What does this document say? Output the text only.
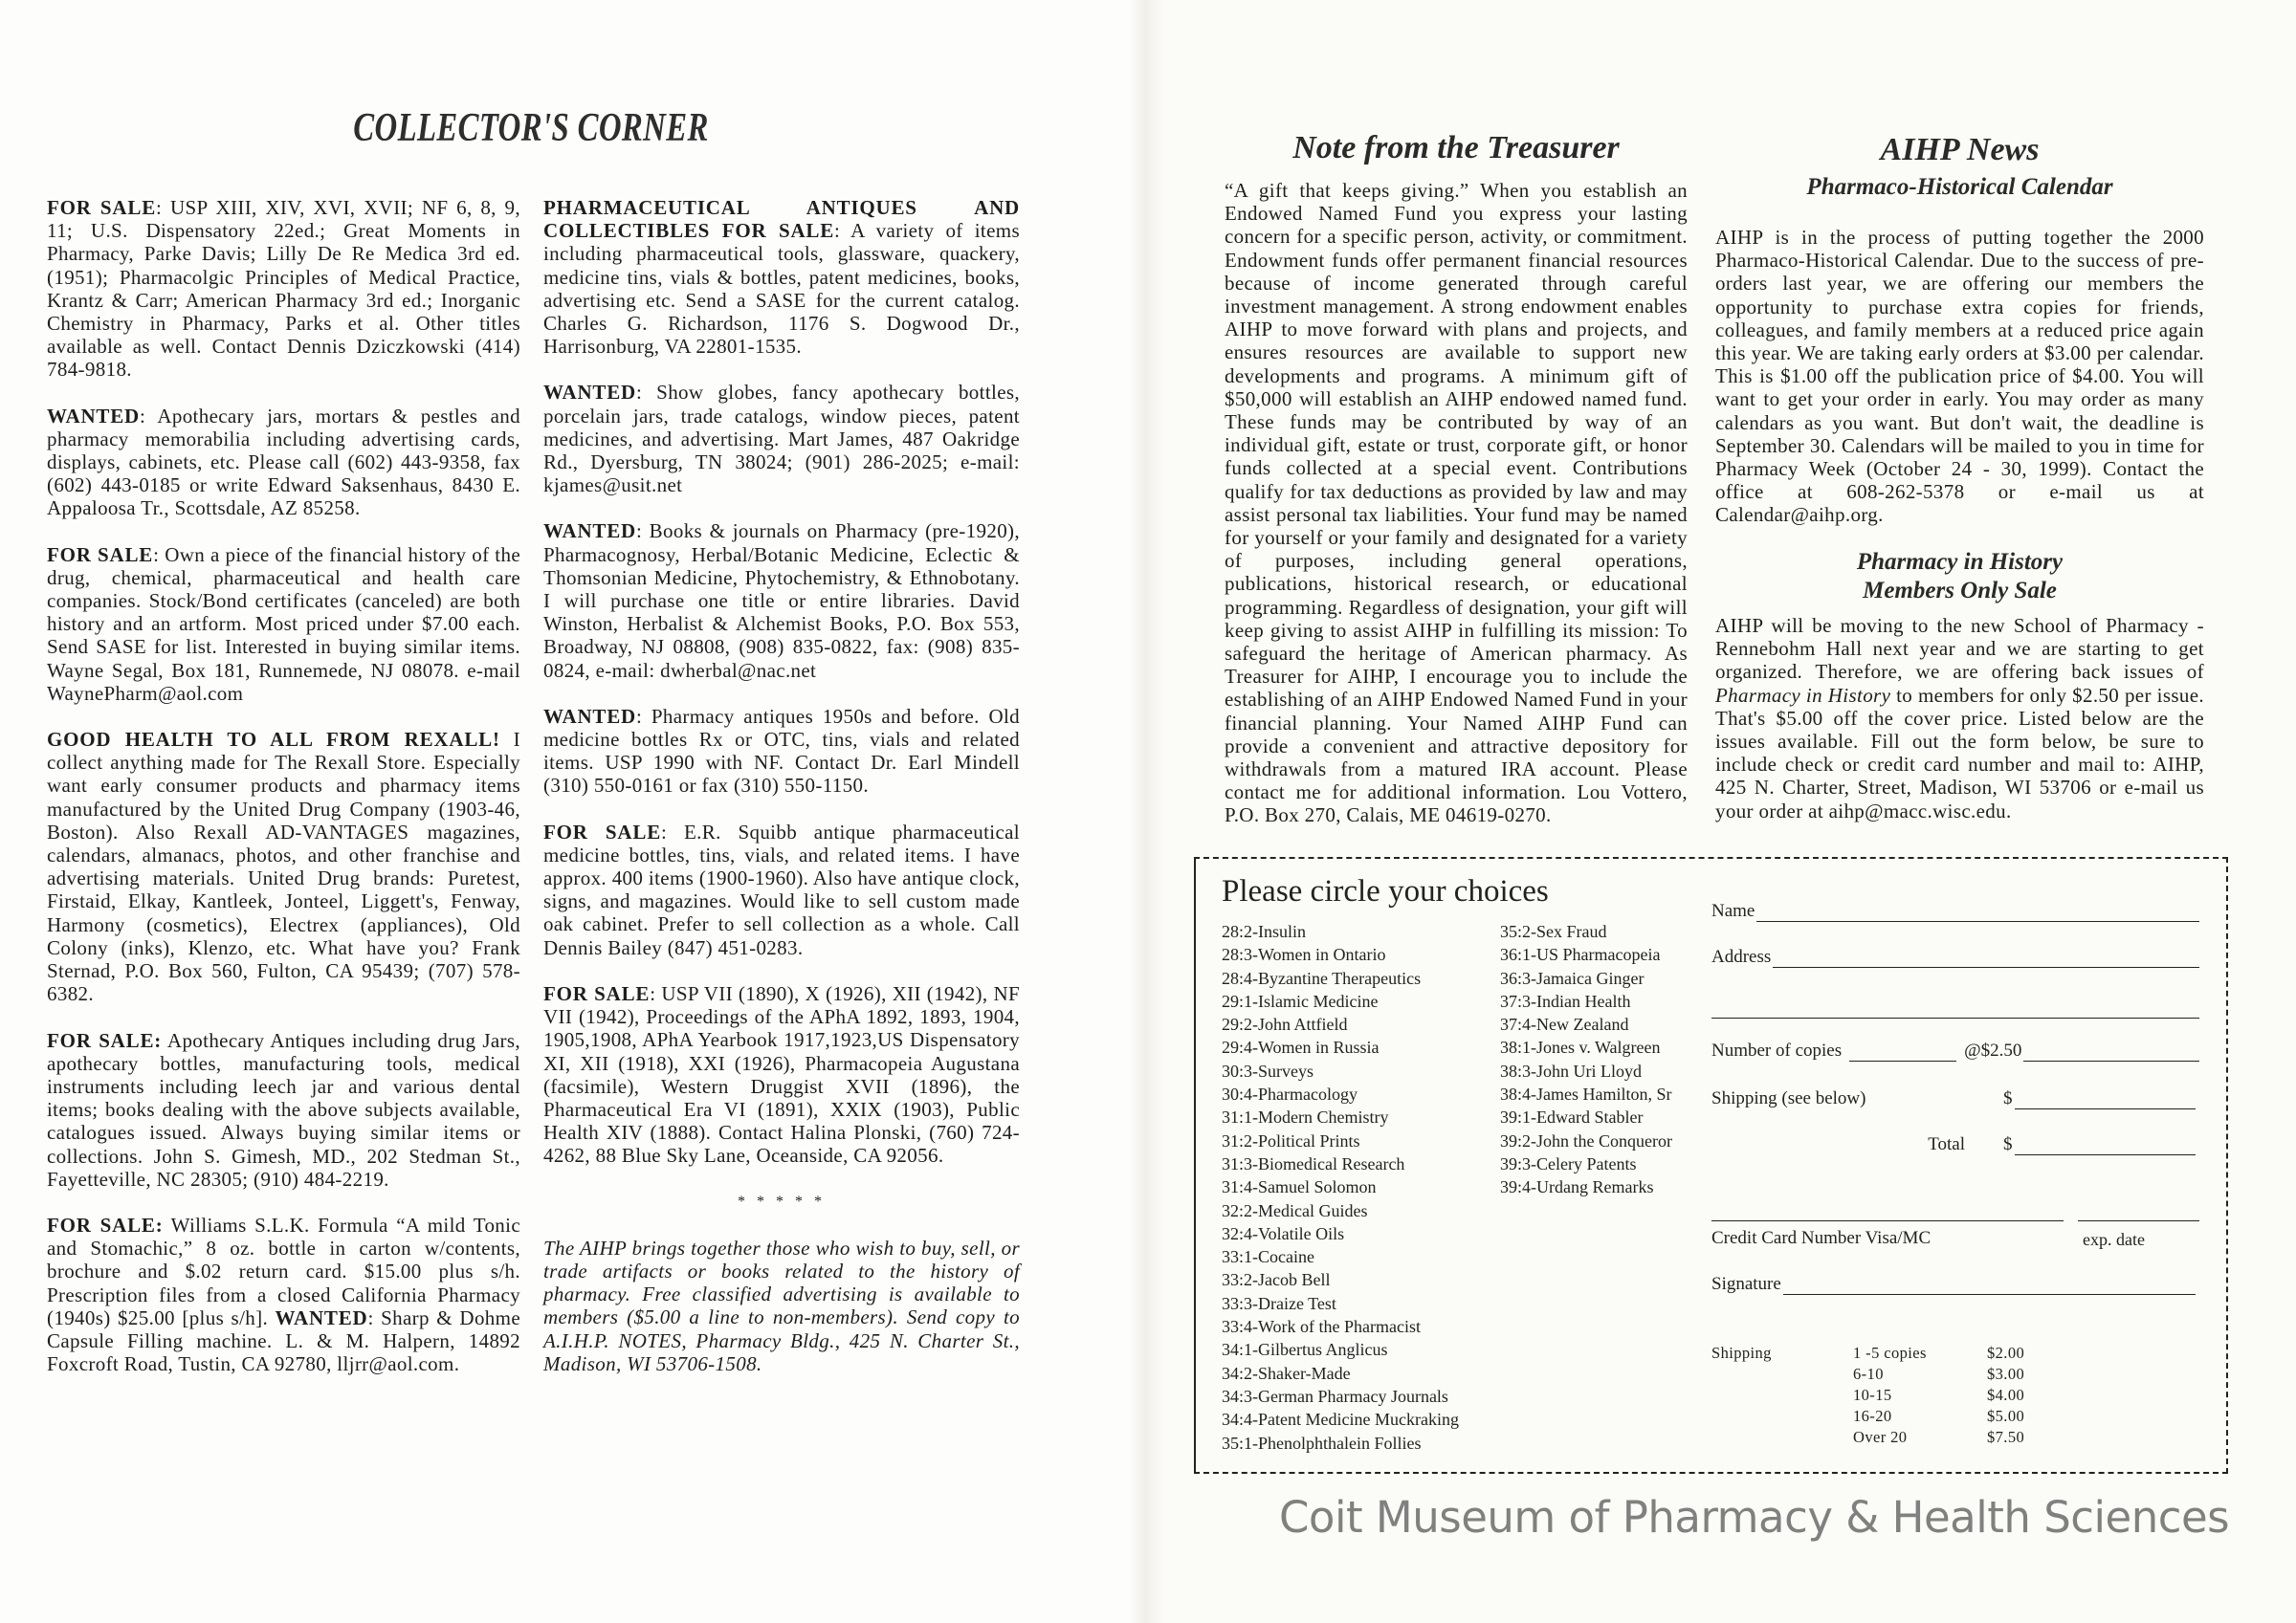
COLLECTOR'S CORNER

FOR SALE: USP XIII, XIV, XVI, XVII; NF 6, 8, 9, 11; U.S. Dispensatory 22ed.; Great Moments in Pharmacy, Parke Davis; Lilly De Re Medica 3rd ed. (1951); Pharmacolgic Principles of Medical Practice, Krantz & Carr; American Pharmacy 3rd ed.; Inorganic Chemistry in Pharmacy, Parks et al. Other titles available as well. Contact Dennis Dziczkowski (414) 784-9818.

WANTED: Apothecary jars, mortars & pestles and pharmacy memorabilia including advertising cards, displays, cabinets, etc. Please call (602) 443-9358, fax (602) 443-0185 or write Edward Saksenhaus, 8430 E. Appaloosa Tr., Scottsdale, AZ 85258.

FOR SALE: Own a piece of the financial history of the drug, chemical, pharmaceutical and health care companies. Stock/Bond certificates (canceled) are both history and an artform. Most priced under $7.00 each. Send SASE for list. Interested in buying similar items. Wayne Segal, Box 181, Runnemede, NJ 08078. e-mail WaynePharm@aol.com

GOOD HEALTH TO ALL FROM REXALL! I collect anything made for The Rexall Store. Especially want early consumer products and pharmacy items manufactured by the United Drug Company (1903-46, Boston). Also Rexall AD-VANTAGES magazines, calendars, almanacs, photos, and other franchise and advertising materials. United Drug brands: Puretest, Firstaid, Elkay, Kantleek, Jonteel, Liggett's, Fenway, Harmony (cosmetics), Electrex (appliances), Old Colony (inks), Klenzo, etc. What have you? Frank Sternad, P.O. Box 560, Fulton, CA 95439; (707) 578-6382.

FOR SALE: Apothecary Antiques including drug Jars, apothecary bottles, manufacturing tools, medical instruments including leech jar and various dental items; books dealing with the above subjects available, catalogues issued. Always buying similar items or collections. John S. Gimesh, MD., 202 Stedman St., Fayetteville, NC 28305; (910) 484-2219.

FOR SALE: Williams S.L.K. Formula “A mild Tonic and Stomachic,” 8 oz. bottle in carton w/contents, brochure and $.02 return card. $15.00 plus s/h. Prescription files from a closed California Pharmacy (1940s) $25.00 [plus s/h]. WANTED: Sharp & Dohme Capsule Filling machine. L. & M. Halpern, 14892 Foxcroft Road, Tustin, CA 92780, lljrr@aol.com.

PHARMACEUTICAL ANTIQUES AND COLLECTIBLES FOR SALE: A variety of items including pharmaceutical tools, glassware, quackery, medicine tins, vials & bottles, patent medicines, books, advertising etc. Send a SASE for the current catalog. Charles G. Richardson, 1176 S. Dogwood Dr., Harrisonburg, VA 22801-1535.

WANTED: Show globes, fancy apothecary bottles, porcelain jars, trade catalogs, window pieces, patent medicines, and advertising. Mart James, 487 Oakridge Rd., Dyersburg, TN 38024; (901) 286-2025; e-mail: kjames@usit.net

WANTED: Books & journals on Pharmacy (pre-1920), Pharmacognosy, Herbal/Botanic Medicine, Eclectic & Thomsonian Medicine, Phytochemistry, & Ethnobotany. I will purchase one title or entire libraries. David Winston, Herbalist & Alchemist Books, P.O. Box 553, Broadway, NJ 08808, (908) 835-0822, fax: (908) 835-0824, e-mail: dwherbal@nac.net

WANTED: Pharmacy antiques 1950s and before. Old medicine bottles Rx or OTC, tins, vials and related items. USP 1990 with NF. Contact Dr. Earl Mindell (310) 550-0161 or fax (310) 550-1150.

FOR SALE: E.R. Squibb antique pharmaceutical medicine bottles, tins, vials, and related items. I have approx. 400 items (1900-1960). Also have antique clock, signs, and magazines. Would like to sell custom made oak cabinet. Prefer to sell collection as a whole. Call Dennis Bailey (847) 451-0283.

FOR SALE: USP VII (1890), X (1926), XII (1942), NF VII (1942), Proceedings of the APhA 1892, 1893, 1904, 1905,1908, APhA Yearbook 1917,1923,US Dispensatory XI, XII (1918), XXI (1926), Pharmacopeia Augustana (facsimile), Western Druggist XVII (1896), the Pharmaceutical Era VI (1891), XXIX (1903), Public Health XIV (1888). Contact Halina Plonski, (760) 724-4262, 88 Blue Sky Lane, Oceanside, CA 92056.

* * * * *

The AIHP brings together those who wish to buy, sell, or trade artifacts or books related to the history of pharmacy. Free classified advertising is available to members ($5.00 a line to non-members). Send copy to A.I.H.P. NOTES, Pharmacy Bldg., 425 N. Charter St., Madison, WI 53706-1508.

Note from the Treasurer

“A gift that keeps giving.” When you establish an Endowed Named Fund you express your lasting concern for a specific person, activity, or commitment. Endowment funds offer permanent financial resources because of income generated through careful investment management. A strong endowment enables AIHP to move forward with plans and projects, and ensures resources are available to support new developments and programs. A minimum gift of $50,000 will establish an AIHP endowed named fund. These funds may be contributed by way of an individual gift, estate or trust, corporate gift, or honor funds collected at a special event. Contributions qualify for tax deductions as provided by law and may assist personal tax liabilities. Your fund may be named for yourself or your family and designated for a variety of purposes, including general operations, publications, historical research, or educational programming. Regardless of designation, your gift will keep giving to assist AIHP in fulfilling its mission: To safeguard the heritage of American pharmacy. As Treasurer for AIHP, I encourage you to include the establishing of an AIHP Endowed Named Fund in your financial planning. Your Named AIHP Fund can provide a convenient and attractive depository for withdrawals from a matured IRA account. Please contact me for additional information. Lou Vottero, P.O. Box 270, Calais, ME 04619-0270.

AIHP News
Pharmaco-Historical Calendar

AIHP is in the process of putting together the 2000 Pharmaco-Historical Calendar. Due to the success of pre-orders last year, we are offering our members the opportunity to purchase extra copies for friends, colleagues, and family members at a reduced price again this year. We are taking early orders at $3.00 per calendar. This is $1.00 off the publication price of $4.00. You will want to get your order in early. You may order as many calendars as you want. But don't wait, the deadline is September 30. Calendars will be mailed to you in time for Pharmacy Week (October 24 - 30, 1999). Contact the office at 608-262-5378 or e-mail us at Calendar@aihp.org.

Pharmacy in History
Members Only Sale

AIHP will be moving to the new School of Pharmacy - Rennebohm Hall next year and we are starting to get organized. Therefore, we are offering back issues of Pharmacy in History to members for only $2.50 per issue. That's $5.00 off the cover price. Listed below are the issues available. Fill out the form below, be sure to include check or credit card number and mail to: AIHP, 425 N. Charter, Street, Madison, WI 53706 or e-mail us your order at aihp@macc.wisc.edu.

Please circle your choices
28:2-Insulin
28:3-Women in Ontario
28:4-Byzantine Therapeutics
29:1-Islamic Medicine
29:2-John Attfield
29:4-Women in Russia
30:3-Surveys
30:4-Pharmacology
31:1-Modern Chemistry
31:2-Political Prints
31:3-Biomedical Research
31:4-Samuel Solomon
32:2-Medical Guides
32:4-Volatile Oils
33:1-Cocaine
33:2-Jacob Bell
33:3-Draize Test
33:4-Work of the Pharmacist
34:1-Gilbertus Anglicus
34:2-Shaker-Made
34:3-German Pharmacy Journals
34:4-Patent Medicine Muckraking
35:1-Phenolphthalein Follies
35:2-Sex Fraud
36:1-US Pharmacopeia
36:3-Jamaica Ginger
37:3-Indian Health
37:4-New Zealand
38:1-Jones v. Walgreen
38:3-John Uri Lloyd
38:4-James Hamilton, Sr
39:1-Edward Stabler
39:2-John the Conqueror
39:3-Celery Patents
39:4-Urdang Remarks
Name
Address
Number of copies	@$2.50
Shipping (see below)	$
Total	$
Credit Card Number Visa/MC	exp. date
Signature
Shipping	1 -5 copies	$2.00
6-10	$3.00
10-15	$4.00
16-20	$5.00
Over 20	$7.50
Coit Museum of Pharmacy & Health Sciences
